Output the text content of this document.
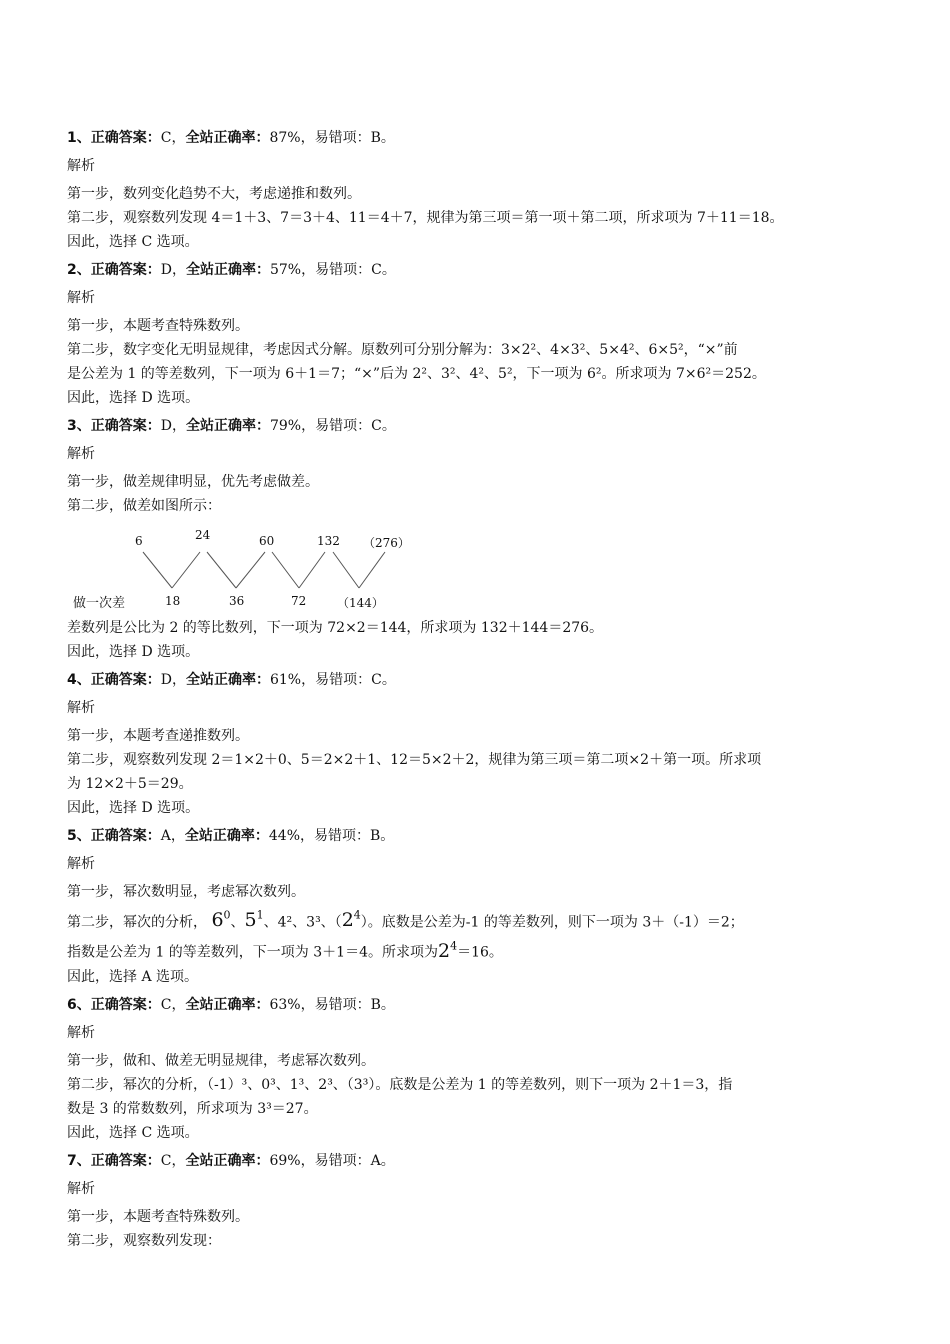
1、正确答案：C，全站正确率：87%，易错项：B。
解析
第一步，数列变化趋势不大，考虑递推和数列。
第二步，观察数列发现 4＝1＋3、7＝3＋4、11＝4＋7，规律为第三项＝第一项＋第二项，所求项为 7＋11＝18。
因此，选择 C 选项。
2、正确答案：D，全站正确率：57%，易错项：C。
解析
第一步，本题考查特殊数列。
第二步，数字变化无明显规律，考虑因式分解。原数列可分别分解为：3×2²、4×3²、5×4²、6×5²，“×”前
是公差为 1 的等差数列，下一项为 6＋1＝7；“×”后为 2²、3²、4²、5²，下一项为 6²。所求项为 7×6²＝252。
因此，选择 D 选项。
3、正确答案：D，全站正确率：79%，易错项：C。
解析
第一步，做差规律明显，优先考虑做差。
第二步，做差如图所示：
6	24	60	132 （276）
做一次差	18	36	72	（144）
差数列是公比为 2 的等比数列，下一项为 72×2＝144，所求项为 132＋144＝276。
因此，选择 D 选项。
4、正确答案：D，全站正确率：61%，易错项：C。
解析
第一步，本题考查递推数列。
第二步，观察数列发现 2＝1×2＋0、5＝2×2＋1、12＝5×2＋2，规律为第三项＝第二项×2＋第一项。所求项
为 12×2＋5＝29。
因此，选择 D 选项。
5、正确答案：A，全站正确率：44%，易错项：B。
解析
第一步，幂次数明显，考虑幂次数列。
第二步，幂次的分析， $6^0$、$5^1$、4²、3³、$(2^4)$。底数是公差为-1 的等差数列，则下一项为 3＋（-1）＝2；
指数是公差为 1 的等差数列，下一项为 3＋1＝4。所求项为$2^4=16$。
因此，选择 A 选项。
6、正确答案：C，全站正确率：63%，易错项：B。
解析
第一步，做和、做差无明显规律，考虑幂次数列。
第二步，幂次的分析，（-1）³、0³、1³、2³、（3³）。底数是公差为 1 的等差数列，则下一项为 2＋1＝3，指
数是 3 的常数数列，所求项为 3³＝27。
因此，选择 C 选项。
7、正确答案：C，全站正确率：69%，易错项：A。
解析
第一步，本题考查特殊数列。
第二步，观察数列发现：
